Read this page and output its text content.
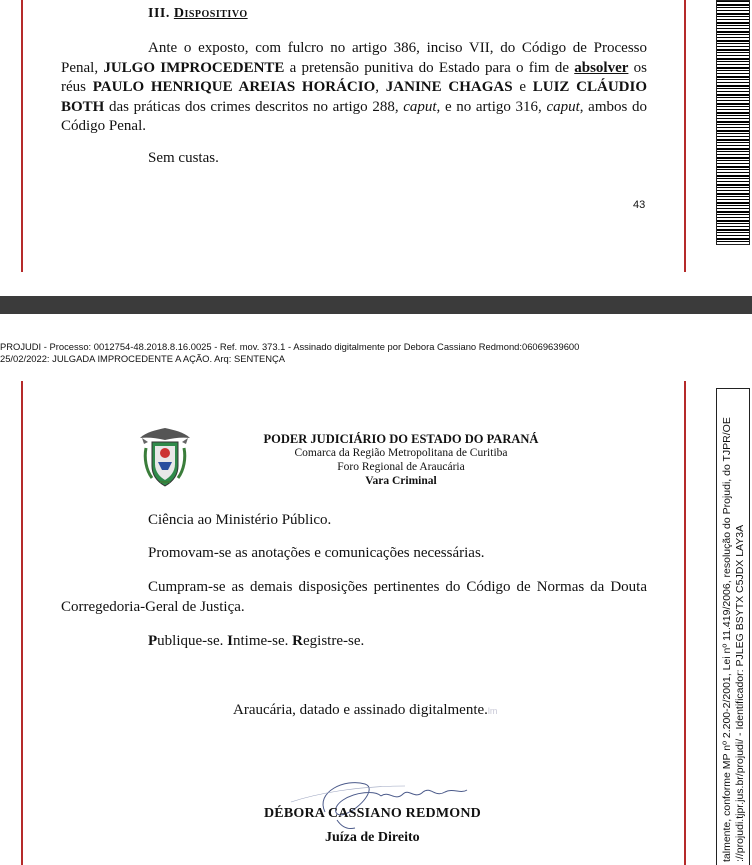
III. Dispositivo
Ante o exposto, com fulcro no artigo 386, inciso VII, do Código de Processo Penal, JULGO IMPROCEDENTE a pretensão punitiva do Estado para o fim de absolver os réus PAULO HENRIQUE AREIAS HORÁCIO, JANINE CHAGAS e LUIZ CLÁUDIO BOTH das práticas dos crimes descritos no artigo 288, caput, e no artigo 316, caput, ambos do Código Penal.
Sem custas.
43
PROJUDI - Processo: 0012754-48.2018.8.16.0025 - Ref. mov. 373.1 - Assinado digitalmente por Debora Cassiano Redmond:06069639600
25/02/2022: JULGADA IMPROCEDENTE A AÇÃO. Arq: SENTENÇA
PODER JUDICIÁRIO DO ESTADO DO PARANÁ
Comarca da Região Metropolitana de Curitiba
Foro Regional de Araucária
Vara Criminal
Ciência ao Ministério Público.
Promovam-se as anotações e comunicações necessárias.
Cumpram-se as demais disposições pertinentes do Código de Normas da Douta Corregedoria-Geral de Justiça.
Publique-se. Intime-se. Registre-se.
Araucária, datado e assinado digitalmente.lm
DÉBORA CASSIANO REDMOND
Juíza de Direito	talmente, conforme MP nº 2.200-2/2001, Lei nº 11.419/2006, resolução do Projudi, do TJPR/OE ://projudi.tjpr.jus.br/projudi/ - Identificador: PJLEG BSYTX C5JDX LAY3A
